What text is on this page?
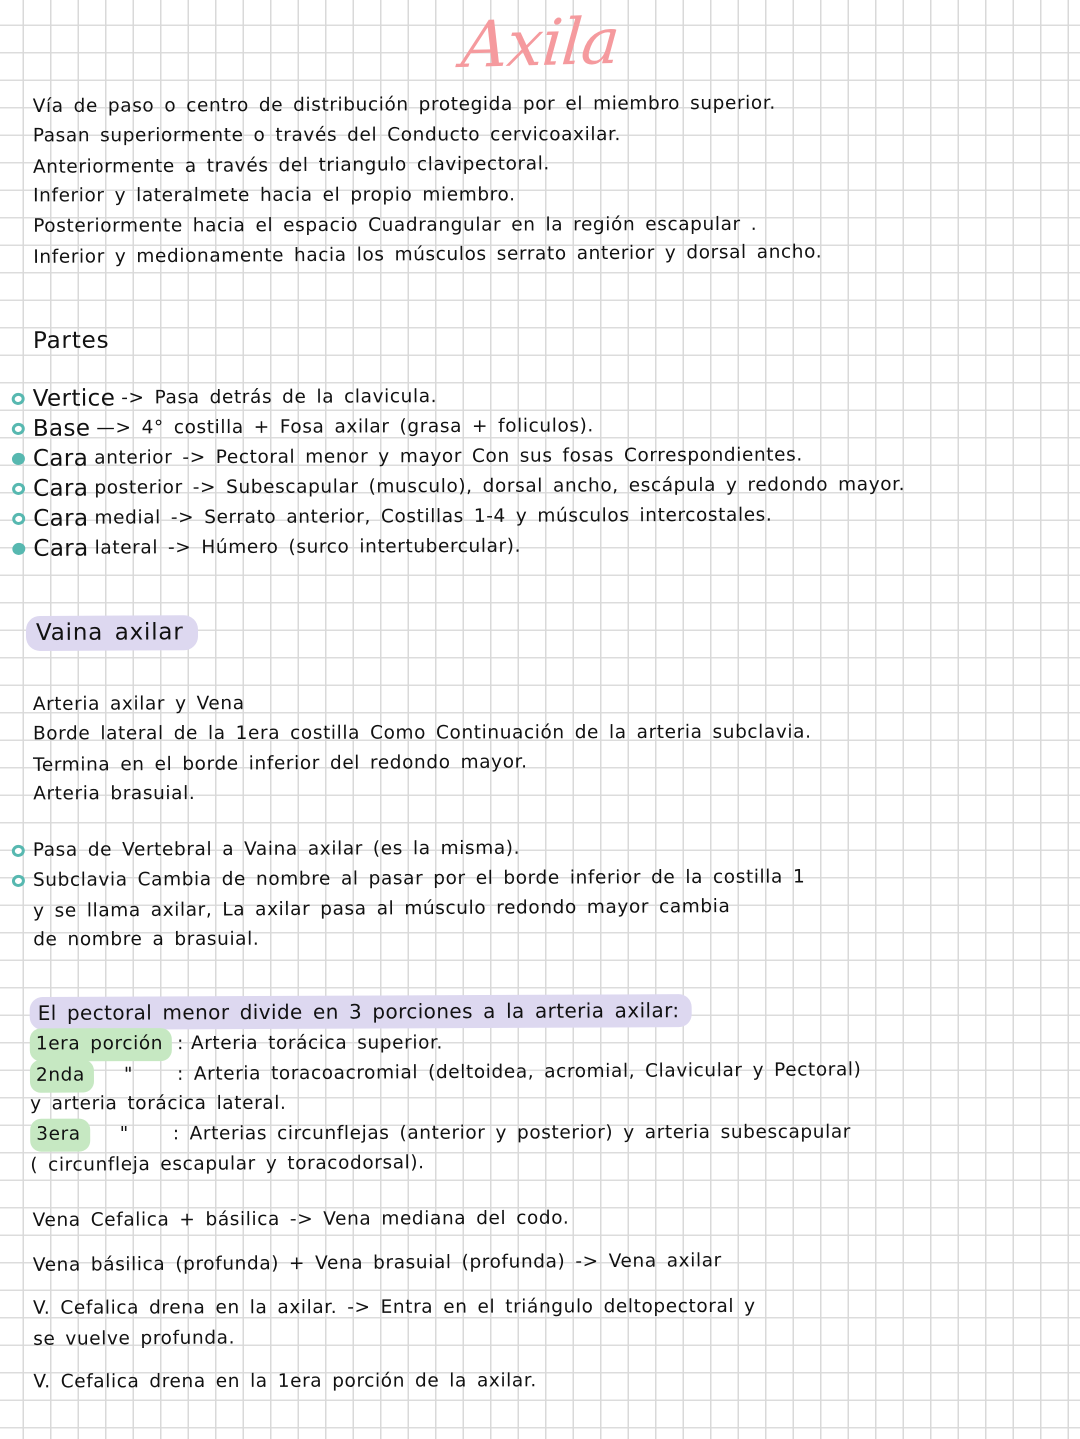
Axila
Vía de paso o centro de distribución protegida por el miembro superior.
Pasan superiormente o través del Conducto cervicoaxilar.
Anteriormente a través del triangulo clavipectoral.
Inferior y lateralmete hacia el propio miembro.
Posteriormente hacia el espacio Cuadrangular en la región escapular .
Inferior y medionamente hacia los músculos serrato anterior y dorsal ancho.
Partes
Vertice -> Pasa detrás de la clavicula.
Base —> 4° costilla + Fosa axilar (grasa + foliculos).
Cara anterior -> Pectoral menor y mayor Con sus fosas Correspondientes.
Cara posterior -> Subescapular (musculo), dorsal ancho, escápula y redondo mayor.
Cara medial -> Serrato anterior, Costillas 1-4 y músculos intercostales.
Cara lateral -> Húmero (surco intertubercular).
Vaina axilar
Arteria axilar y Vena
Borde lateral de la 1era costilla Como Continuación de la arteria subclavia.
Termina en el borde inferior del redondo mayor.
Arteria brasuial.
Pasa de Vertebral a Vaina axilar (es la misma).
Subclavia Cambia de nombre al pasar por el borde inferior de la costilla 1
y se llama axilar, La axilar pasa al músculo redondo mayor cambia
de nombre a brasuial.
El pectoral menor divide en 3 porciones a la arteria axilar:
1era porción : Arteria torácica superior.
2nda	" : Arteria toracoacromial (deltoidea, acromial, Clavicular y Pectoral)
y arteria torácica lateral.
3era	" : Arterias circunflejas (anterior y posterior) y arteria subescapular
( circunfleja escapular y toracodorsal).
Vena Cefalica + básilica -> Vena mediana del codo.
Vena básilica (profunda) + Vena brasuial (profunda) -> Vena axilar
V. Cefalica drena en la axilar. -> Entra en el triángulo deltopectoral y
se vuelve profunda.
V. Cefalica drena en la 1era porción de la axilar.
